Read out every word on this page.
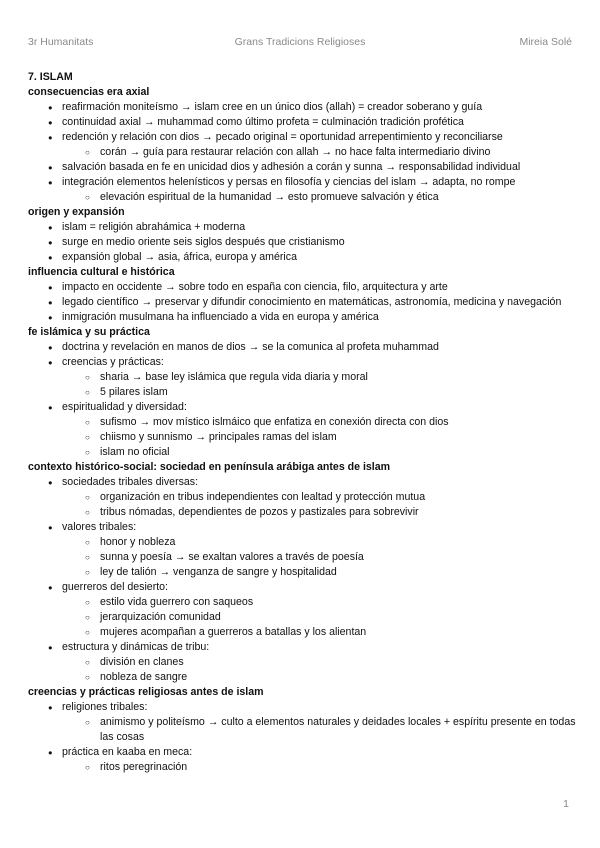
3r Humanitats	Grans Tradicions Religioses	Mireia Solé
7. ISLAM
consecuencias era axial
● reafirmación moniteísmo → islam cree en un único dios (allah) = creador soberano y guía
● continuidad axial → muhammad como último profeta = culminación tradición profética
● redención y relación con dios → pecado original = oportunidad arrepentimiento y reconciliarse
○ corán → guía para restaurar relación con allah → no hace falta intermediario divino
● salvación basada en fe en unicidad dios y adhesión a corán y sunna → responsabilidad individual
● integración elementos helenísticos y persas en filosofía y ciencias del islam → adapta, no rompe
○ elevación espiritual de la humanidad → esto promueve salvación y ética
origen y expansión
● islam = religión abrahámica + moderna
● surge en medio oriente seis siglos después que cristianismo
● expansión global → asia, áfrica, europa y américa
influencia cultural e histórica
● impacto en occidente → sobre todo en españa con ciencia, filo, arquitectura y arte
● legado científico → preservar y difundir conocimiento en matemáticas, astronomía, medicina y navegación
● inmigración musulmana ha influenciado a vida en europa y américa
fe islámica y su práctica
● doctrina y revelación en manos de dios → se la comunica al profeta muhammad
● creencias y prácticas:
○ sharia → base ley islámica que regula vida diaria y moral
○ 5 pilares islam
● espiritualidad y diversidad:
○ sufismo → mov místico islmáico que enfatiza en conexión directa con dios
○ chiismo y sunnismo → principales ramas del islam
○ islam no oficial
contexto histórico-social: sociedad en península arábiga antes de islam
● sociedades tribales diversas:
○ organización en tribus independientes con lealtad y protección mutua
○ tribus nómadas, dependientes de pozos y pastizales para sobrevivir
● valores tribales:
○ honor y nobleza
○ sunna y poesía → se exaltan valores a través de poesía
○ ley de talión → venganza de sangre y hospitalidad
● guerreros del desierto:
○ estilo vida guerrero con saqueos
○ jerarquización comunidad
○ mujeres acompañan a guerreros a batallas y los alientan
● estructura y dinámicas de tribu:
○ división en clanes
○ nobleza de sangre
creencias y prácticas religiosas antes de islam
● religiones tribales:
○ animismo y politeísmo → culto a elementos naturales y deidades locales + espíritu presente en todas las cosas
● práctica en kaaba en meca:
○ ritos peregrinación
1
